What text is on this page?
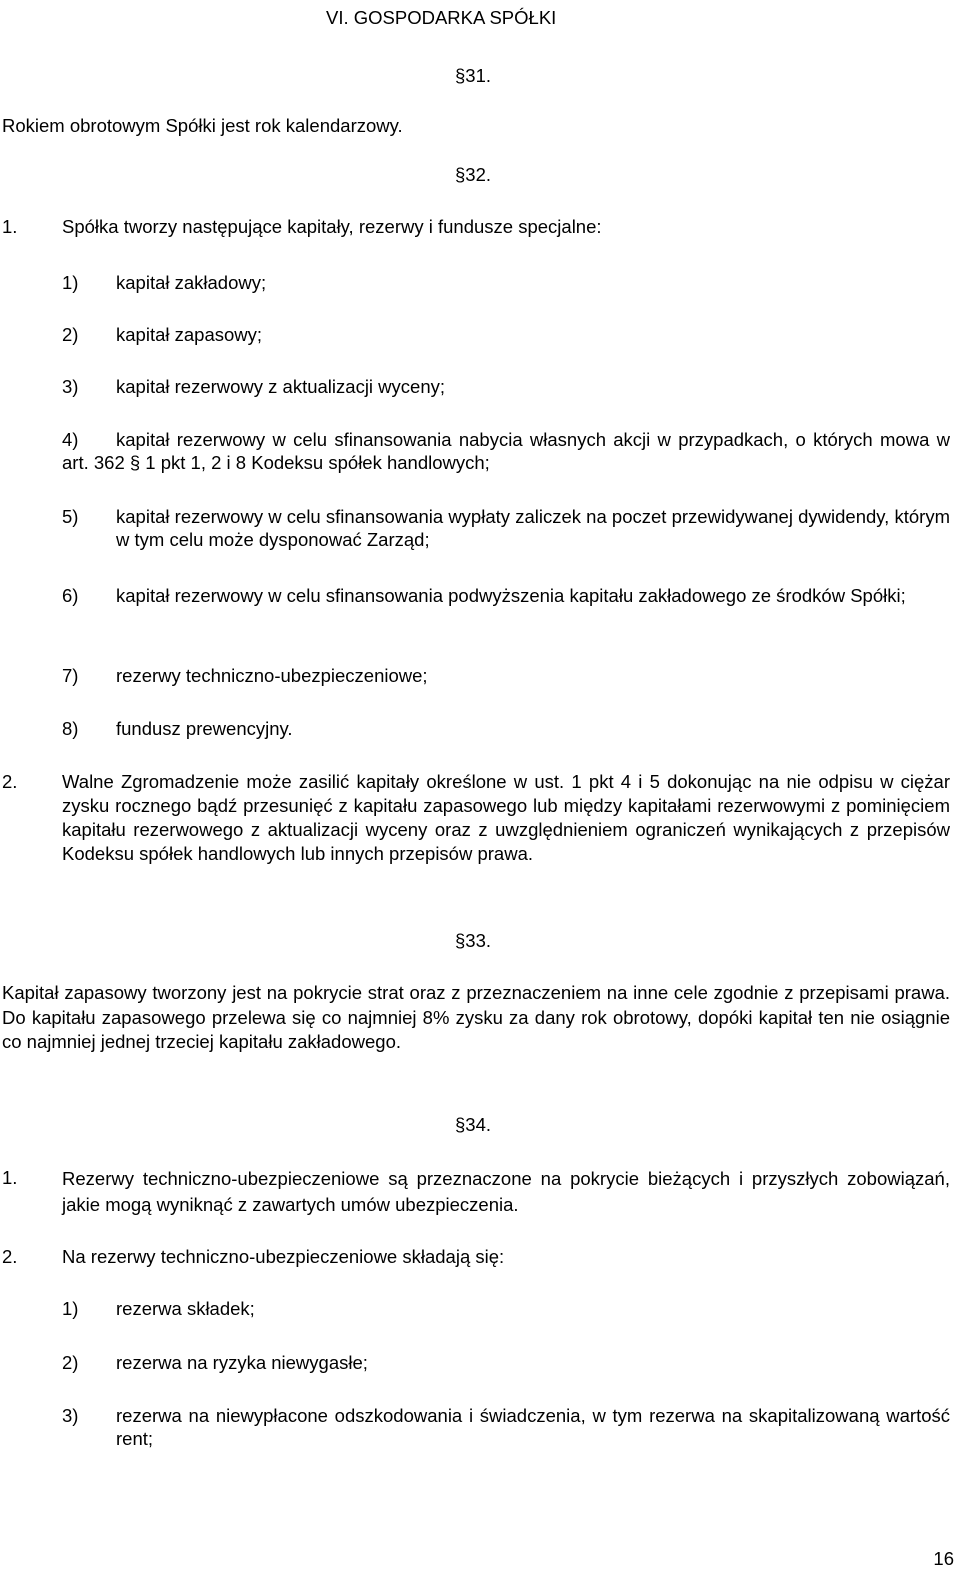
VI. GOSPODARKA SPÓŁKI
§31.
Rokiem obrotowym Spółki jest rok kalendarzowy.
§32.
1. Spółka tworzy następujące kapitały, rezerwy i fundusze specjalne:
1) kapitał zakładowy;
2) kapitał zapasowy;
3) kapitał rezerwowy z aktualizacji wyceny;
4)	kapitał rezerwowy w celu sfinansowania nabycia własnych akcji w przypadkach, o których mowa w art. 362 § 1 pkt 1, 2 i 8 Kodeksu spółek handlowych;
5) kapitał rezerwowy w celu sfinansowania wypłaty zaliczek na poczet przewidywanej dywidendy, którym w tym celu może dysponować Zarząd;
6) kapitał rezerwowy w celu sfinansowania podwyższenia kapitału zakładowego ze środków Spółki;
7) rezerwy techniczno-ubezpieczeniowe;
8) fundusz prewencyjny.
2. Walne Zgromadzenie może zasilić kapitały określone w ust. 1 pkt 4 i 5 dokonując na nie odpisu w ciężar zysku rocznego bądź przesunięć z kapitału zapasowego lub między kapitałami rezerwowymi z pominięciem kapitału rezerwowego z aktualizacji wyceny oraz z uwzględnieniem ograniczeń wynikających z przepisów Kodeksu spółek handlowych lub innych przepisów prawa.
§33.
Kapitał zapasowy tworzony jest na pokrycie strat oraz z przeznaczeniem na inne cele zgodnie z przepisami prawa. Do kapitału zapasowego przelewa się co najmniej 8% zysku za dany rok obrotowy, dopóki kapitał ten nie osiągnie co najmniej jednej trzeciej kapitału zakładowego.
§34.
1. Rezerwy techniczno-ubezpieczeniowe są przeznaczone na pokrycie bieżących i przyszłych zobowiązań, jakie mogą wyniknąć z zawartych umów ubezpieczenia.
2. Na rezerwy techniczno-ubezpieczeniowe składają się:
1) rezerwa składek;
2) rezerwa na ryzyka niewygasłe;
3) rezerwa na niewypłacone odszkodowania i świadczenia, w tym rezerwa na skapitalizowaną wartość rent;
16
